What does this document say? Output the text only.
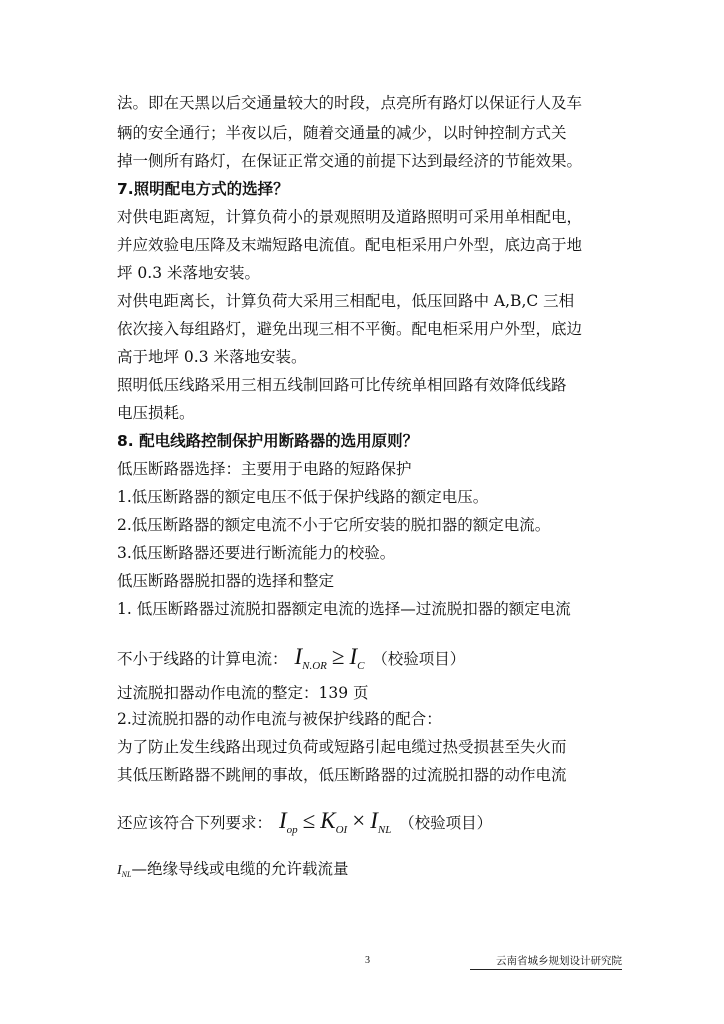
法。即在天黑以后交通量较大的时段，点亮所有路灯以保证行人及车
辆的安全通行；半夜以后，随着交通量的减少，以时钟控制方式关
掉一侧所有路灯，在保证正常交通的前提下达到最经济的节能效果。
7.照明配电方式的选择？
对供电距离短，计算负荷小的景观照明及道路照明可采用单相配电，
并应效验电压降及末端短路电流值。配电柜采用户外型，底边高于地
坪 0.3 米落地安装。
对供电距离长，计算负荷大采用三相配电，低压回路中 A,B,C 三相
依次接入每组路灯，避免出现三相不平衡。配电柜采用户外型，底边
高于地坪 0.3 米落地安装。
照明低压线路采用三相五线制回路可比传统单相回路有效降低线路
电压损耗。
8. 配电线路控制保护用断路器的选用原则？
低压断路器选择：主要用于电路的短路保护
1.低压断路器的额定电压不低于保护线路的额定电压。
2.低压断路器的额定电流不小于它所安装的脱扣器的额定电流。
3.低压断路器还要进行断流能力的校验。
低压断路器脱扣器的选择和整定
1. 低压断路器过流脱扣器额定电流的选择—过流脱扣器的额定电流
不小于线路的计算电流： $I_{N.OR} \ge I_C$ （校验项目）
过流脱扣器动作电流的整定：139 页
2.过流脱扣器的动作电流与被保护线路的配合：
为了防止发生线路出现过负荷或短路引起电缆过热受损甚至失火而
其低压断路器不跳闸的事故，低压断路器的过流脱扣器的动作电流
还应该符合下列要求： $I_{op} \le K_{OI} \times I_{NL}$ （校验项目）
$I_{NL}—$绝缘导线或电缆的允许载流量
3	云南省城乡规划设计研究院
